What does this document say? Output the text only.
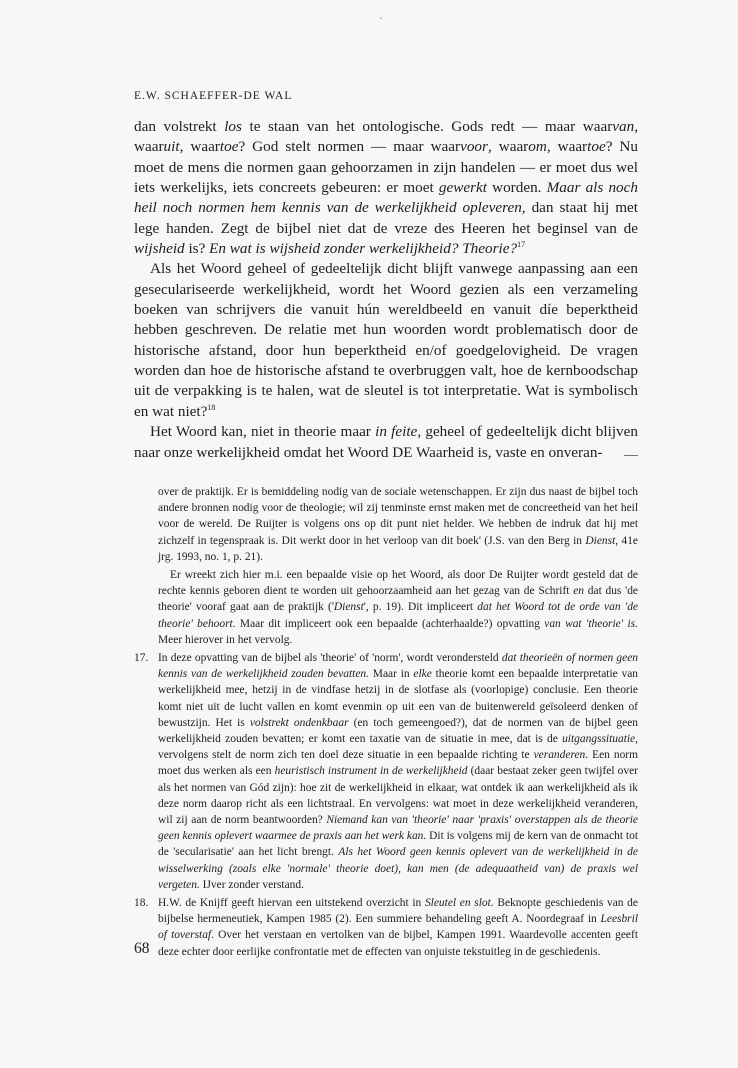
E.W. SCHAEFFER-DE WAL

dan volstrekt los te staan van het ontologische. Gods redt — maar waarvan, waaruit, waartoe? God stelt normen — maar waarvoor, waarom, waartoe? Nu moet de mens die normen gaan gehoorzamen in zijn handelen — er moet dus wel iets werkelijks, iets concreets gebeuren: er moet gewerkt worden. Maar als noch heil noch normen hem kennis van de werkelijkheid opleveren, dan staat hij met lege handen. Zegt de bijbel niet dat de vreze des Heeren het beginsel van de wijsheid is? En wat is wijsheid zonder werkelijkheid? Theorie?$^{17}$

Als het Woord geheel of gedeeltelijk dicht blijft vanwege aanpassing aan een geseculariseerde werkelijkheid, wordt het Woord gezien als een verzameling boeken van schrijvers die vanuit hún wereldbeeld en vanuit díe beperktheid hebben geschreven. De relatie met hun woorden wordt problematisch door de historische afstand, door hun beperktheid en/of goedgelovigheid. De vragen worden dan hoe de historische afstand te overbruggen valt, hoe de kernboodschap uit de verpakking is te halen, wat de sleutel is tot interpretatie. Wat is symbolisch en wat niet?$^{18}$

Het Woord kan, niet in theorie maar in feite, geheel of gedeeltelijk dicht blijven naar onze werkelijkheid omdat het Woord DE Waarheid is, vaste en onveran-

over de praktijk. Er is bemiddeling nodig van de sociale wetenschappen. Er zijn dus naast de bijbel toch andere bronnen nodig voor de theologie; wil zij tenminste ernst maken met de concreetheid van het heil voor de wereld. De Ruijter is volgens ons op dit punt niet helder. We hebben de indruk dat hij met zichzelf in tegenspraak is. Dit werkt door in het verloop van dit boek' (J.S. van den Berg in Dienst, 41e jrg. 1993, no. 1, p. 21).

Er wreekt zich hier m.i. een bepaalde visie op het Woord, als door De Ruijter wordt gesteld dat de rechte kennis geboren dient te worden uit gehoorzaamheid aan het gezag van de Schrift en dat dus 'de theorie' vooraf gaat aan de praktijk ('Dienst', p. 19). Dit impliceert dat het Woord tot de orde van 'de theorie' behoort. Maar dit impliceert ook een bepaalde (achterhaalde?) opvatting van wat 'theorie' is. Meer hierover in het vervolg.

17. In deze opvatting van de bijbel als 'theorie' of 'norm', wordt verondersteld dat theorieën of normen geen kennis van de werkelijkheid zouden bevatten. Maar in elke theorie komt een bepaalde interpretatie van werkelijkheid mee, hetzij in de vindfase hetzij in de slotfase als (voorlopige) conclusie. Een theorie komt niet uit de lucht vallen en komt evenmin op uit een van de buitenwereld geïsoleerd denken of bewustzijn. Het is volstrekt ondenkbaar (en toch gemeengoed?), dat de normen van de bijbel geen werkelijkheid zouden bevatten; er komt een taxatie van de situatie in mee, dat is de uitgangssituatie, vervolgens stelt de norm zich ten doel deze situatie in een bepaalde richting te veranderen. Een norm moet dus werken als een heuristisch instrument in de werkelijkheid (daar bestaat zeker geen twijfel over als het normen van Gód zijn): hoe zit de werkelijkheid in elkaar, wat ontdek ik aan werkelijkheid als ik deze norm daarop richt als een lichtstraal. En vervolgens: wat moet in deze werkelijkheid veranderen, wil zij aan de norm beantwoorden? Niemand kan van 'theorie' naar 'praxis' overstappen als de theorie geen kennis oplevert waarmee de praxis aan het werk kan. Dit is volgens mij de kern van de onmacht tot de 'secularisatie' aan het licht brengt. Als het Woord geen kennis oplevert van de werkelijkheid in de wisselwerking (zoals elke 'normale' theorie doet), kan men (de adequaatheid van) de praxis wel vergeten. IJver zonder verstand.

18. H.W. de Knijff geeft hiervan een uitstekend overzicht in Sleutel en slot. Beknopte geschiedenis van de bijbelse hermeneutiek, Kampen 1985 (2). Een summiere behandeling geeft A. Noordegraaf in Leesbril of toverstaf. Over het verstaan en vertolken van de bijbel, Kampen 1991. Waardevolle accenten geeft deze echter door eerlijke confrontatie met de effecten van onjuiste tekstuitleg in de geschiedenis.

68
